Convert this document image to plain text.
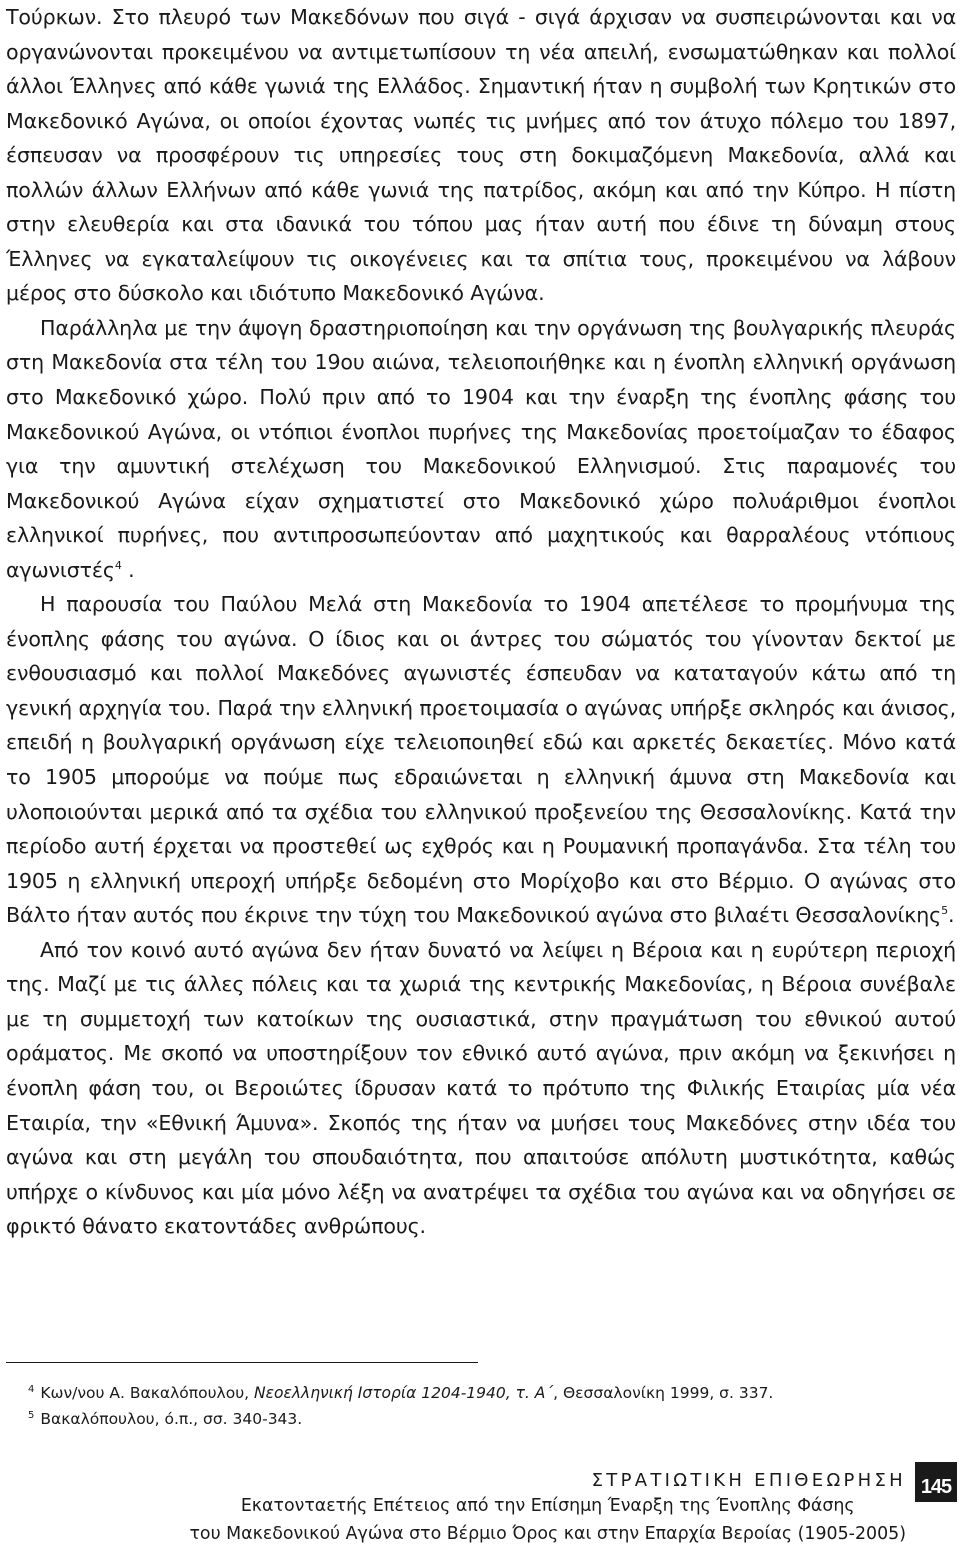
Τούρκων. Στο πλευρό των Μακεδόνων που σιγά - σιγά άρχισαν να συσπειρώνονται και να οργανώνονται προκειμένου να αντιμετωπίσουν τη νέα απειλή, ενσωματώθηκαν και πολλοί άλλοι Έλληνες από κάθε γωνιά της Ελλάδος. Σημαντική ήταν η συμβολή των Κρητικών στο Μακεδονικό Αγώνα, οι οποίοι έχοντας νωπές τις μνήμες από τον άτυχο πόλεμο του 1897, έσπευσαν να προσφέρουν τις υπηρεσίες τους στη δοκιμαζόμενη Μακεδονία, αλλά και πολλών άλλων Ελλήνων από κάθε γωνιά της πατρίδος, ακόμη και από την Κύπρο. Η πίστη στην ελευθερία και στα ιδανικά του τόπου μας ήταν αυτή που έδινε τη δύναμη στους Έλληνες να εγκαταλείψουν τις οικογένειες και τα σπίτια τους, προκειμένου να λάβουν μέρος στο δύσκολο και ιδιότυπο Μακεδονικό Αγώνα.

Παράλληλα με την άψογη δραστηριοποίηση και την οργάνωση της βουλγαρικής πλευράς στη Μακεδονία στα τέλη του 19ου αιώνα, τελειοποιήθηκε και η ένοπλη ελληνική οργάνωση στο Μακεδονικό χώρο. Πολύ πριν από το 1904 και την έναρξη της ένοπλης φάσης του Μακεδονικού Αγώνα, οι ντόπιοι ένοπλοι πυρήνες της Μακεδονίας προετοίμαζαν το έδαφος για την αμυντική στελέχωση του Μακεδονικού Ελληνισμού. Στις παραμονές του Μακεδονικού Αγώνα είχαν σχηματιστεί στο Μακεδονικό χώρο πολυάριθμοι ένοπλοι ελληνικοί πυρήνες, που αντιπροσωπεύονταν από μαχητικούς και θαρραλέους ντόπιους αγωνιστές$^4$ .

Η παρουσία του Παύλου Μελά στη Μακεδονία το 1904 απετέλεσε το προμήνυμα της ένοπλης φάσης του αγώνα. Ο ίδιος και οι άντρες του σώματός του γίνονταν δεκτοί με ενθουσιασμό και πολλοί Μακεδόνες αγωνιστές έσπευδαν να καταταγούν κάτω από τη γενική αρχηγία του. Παρά την ελληνική προετοιμασία ο αγώνας υπήρξε σκληρός και άνισος, επειδή η βουλγαρική οργάνωση είχε τελειοποιηθεί εδώ και αρκετές δεκαετίες. Μόνο κατά το 1905 μπορούμε να πούμε πως εδραιώνεται η ελληνική άμυνα στη Μακεδονία και υλοποιούνται μερικά από τα σχέδια του ελληνικού προξενείου της Θεσσαλονίκης. Κατά την περίοδο αυτή έρχεται να προστεθεί ως εχθρός και η Ρουμανική προπαγάνδα. Στα τέλη του 1905 η ελληνική υπεροχή υπήρξε δεδομένη στο Μορίχοβο και στο Βέρμιο. Ο αγώνας στο Βάλτο ήταν αυτός που έκρινε την τύχη του Μακεδονικού αγώνα στο βιλαέτι Θεσσαλονίκης$^5$.

Από τον κοινό αυτό αγώνα δεν ήταν δυνατό να λείψει η Βέροια και η ευρύτερη περιοχή της. Μαζί με τις άλλες πόλεις και τα χωριά της κεντρικής Μακεδονίας, η Βέροια συνέβαλε με τη συμμετοχή των κατοίκων της ουσιαστικά, στην πραγμάτωση του εθνικού αυτού οράματος. Με σκοπό να υποστηρίξουν τον εθνικό αυτό αγώνα, πριν ακόμη να ξεκινήσει η ένοπλη φάση του, οι Βεροιώτες ίδρυσαν κατά το πρότυπο της Φιλικής Εταιρίας μία νέα Εταιρία, την «Εθνική Άμυνα». Σκοπός της ήταν να μυήσει τους Μακεδόνες στην ιδέα του αγώνα και στη μεγάλη του σπουδαιότητα, που απαιτούσε απόλυτη μυστικότητα, καθώς υπήρχε ο κίνδυνος και μία μόνο λέξη να ανατρέψει τα σχέδια του αγώνα και να οδηγήσει σε φρικτό θάνατο εκατοντάδες ανθρώπους.

$^4$ Κων/νου Α. Βακαλόπουλου, Νεοελληνική Ιστορία 1204-1940, τ. Α΄, Θεσσαλονίκη 1999, σ. 337.
$^5$ Βακαλόπουλου, ό.π., σσ. 340-343.
ΣΤΡΑΤΙΩΤΙΚΗ ΕΠΙΘΕΩΡΗΣΗ 145
Εκατονταετής Επέτειος από την Επίσημη Έναρξη της Ένοπλης Φάσης
του Μακεδονικού Αγώνα στο Βέρμιο Όρος και στην Επαρχία Βεροίας (1905-2005)
